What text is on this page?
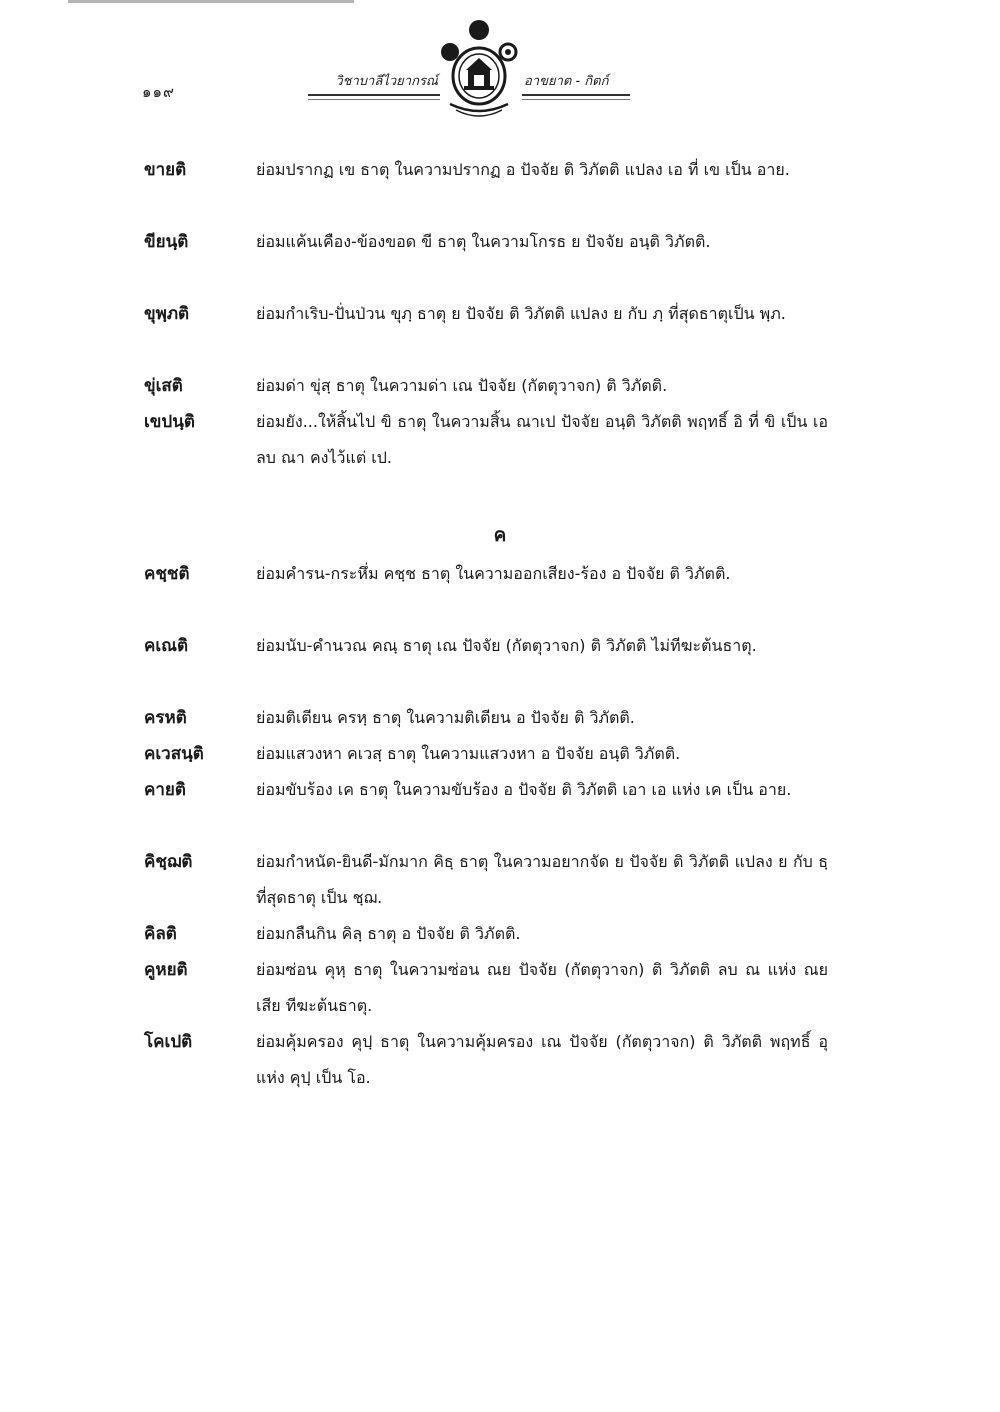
๑๑๙
วิชาบาลีไวยากรณ์	อาขยาต - กิตก์
ขายติ	ย่อมปรากฏ เข ธาตุ ในความปรากฏ อ ปัจจัย ติ วิภัตติ แปลง เอ ที่ เข เป็น อาย.
ขียนฺติ	ย่อมแค้นเคือง-ข้องขอด ขี ธาตุ ในความโกรธ ย ปัจจัย อนฺติ วิภัตติ.
ขุพฺภติ	ย่อมกำเริบ-ปั่นป่วน ขุภฺ ธาตุ ย ปัจจัย ติ วิภัตติ แปลง ย กับ ภฺ ที่สุดธาตุเป็น พฺภ.
ขุ่เสติ	ย่อมด่า ขุ่สฺ ธาตุ ในความด่า เณ ปัจจัย (กัตตุวาจก) ติ วิภัตติ.
เขปนฺติ	ย่อมยัง...ให้สิ้นไป ขิ ธาตุ ในความสิ้น ณาเป ปัจจัย อนฺติ วิภัตติ พฤทธิ์ อิ ที่ ขิ เป็น เอ ลบ ณา คงไว้แต่ เป.
ค
คชฺชติ	ย่อมคำรน-กระหึ่ม คชฺช ธาตุ ในความออกเสียง-ร้อง อ ปัจจัย ติ วิภัตติ.
คเณติ	ย่อมนับ-คำนวณ คณฺ ธาตุ เณ ปัจจัย (กัตตุวาจก) ติ วิภัตติ ไม่ทีฆะต้นธาตุ.
ครหติ	ย่อมติเตียน ครหฺ ธาตุ ในความติเตียน อ ปัจจัย ติ วิภัตติ.
คเวสนฺติ	ย่อมแสวงหา คเวสฺ ธาตุ ในความแสวงหา อ ปัจจัย อนฺติ วิภัตติ.
คายติ	ย่อมขับร้อง เค ธาตุ ในความขับร้อง อ ปัจจัย ติ วิภัตติ เอา เอ แห่ง เค เป็น อาย.
คิชฺฌติ	ย่อมกำหนัด-ยินดี-มักมาก คิธฺ ธาตุ ในความอยากจัด ย ปัจจัย ติ วิภัตติ แปลง ย กับ ธฺ ที่สุดธาตุ เป็น ชฺฌ.
คิลติ	ย่อมกลืนกิน คิลฺ ธาตุ อ ปัจจัย ติ วิภัตติ.
คูหยติ	ย่อมซ่อน คุหฺ ธาตุ ในความซ่อน ณย ปัจจัย (กัตตุวาจก) ติ วิภัตติ ลบ ณ แห่ง ณย เสีย ทีฆะต้นธาตุ.
โคเปติ	ย่อมคุ้มครอง คุปฺ ธาตุ ในความคุ้มครอง เณ ปัจจัย (กัตตุวาจก) ติ วิภัตติ พฤทธิ์ อุ แห่ง คุปฺ เป็น โอ.
